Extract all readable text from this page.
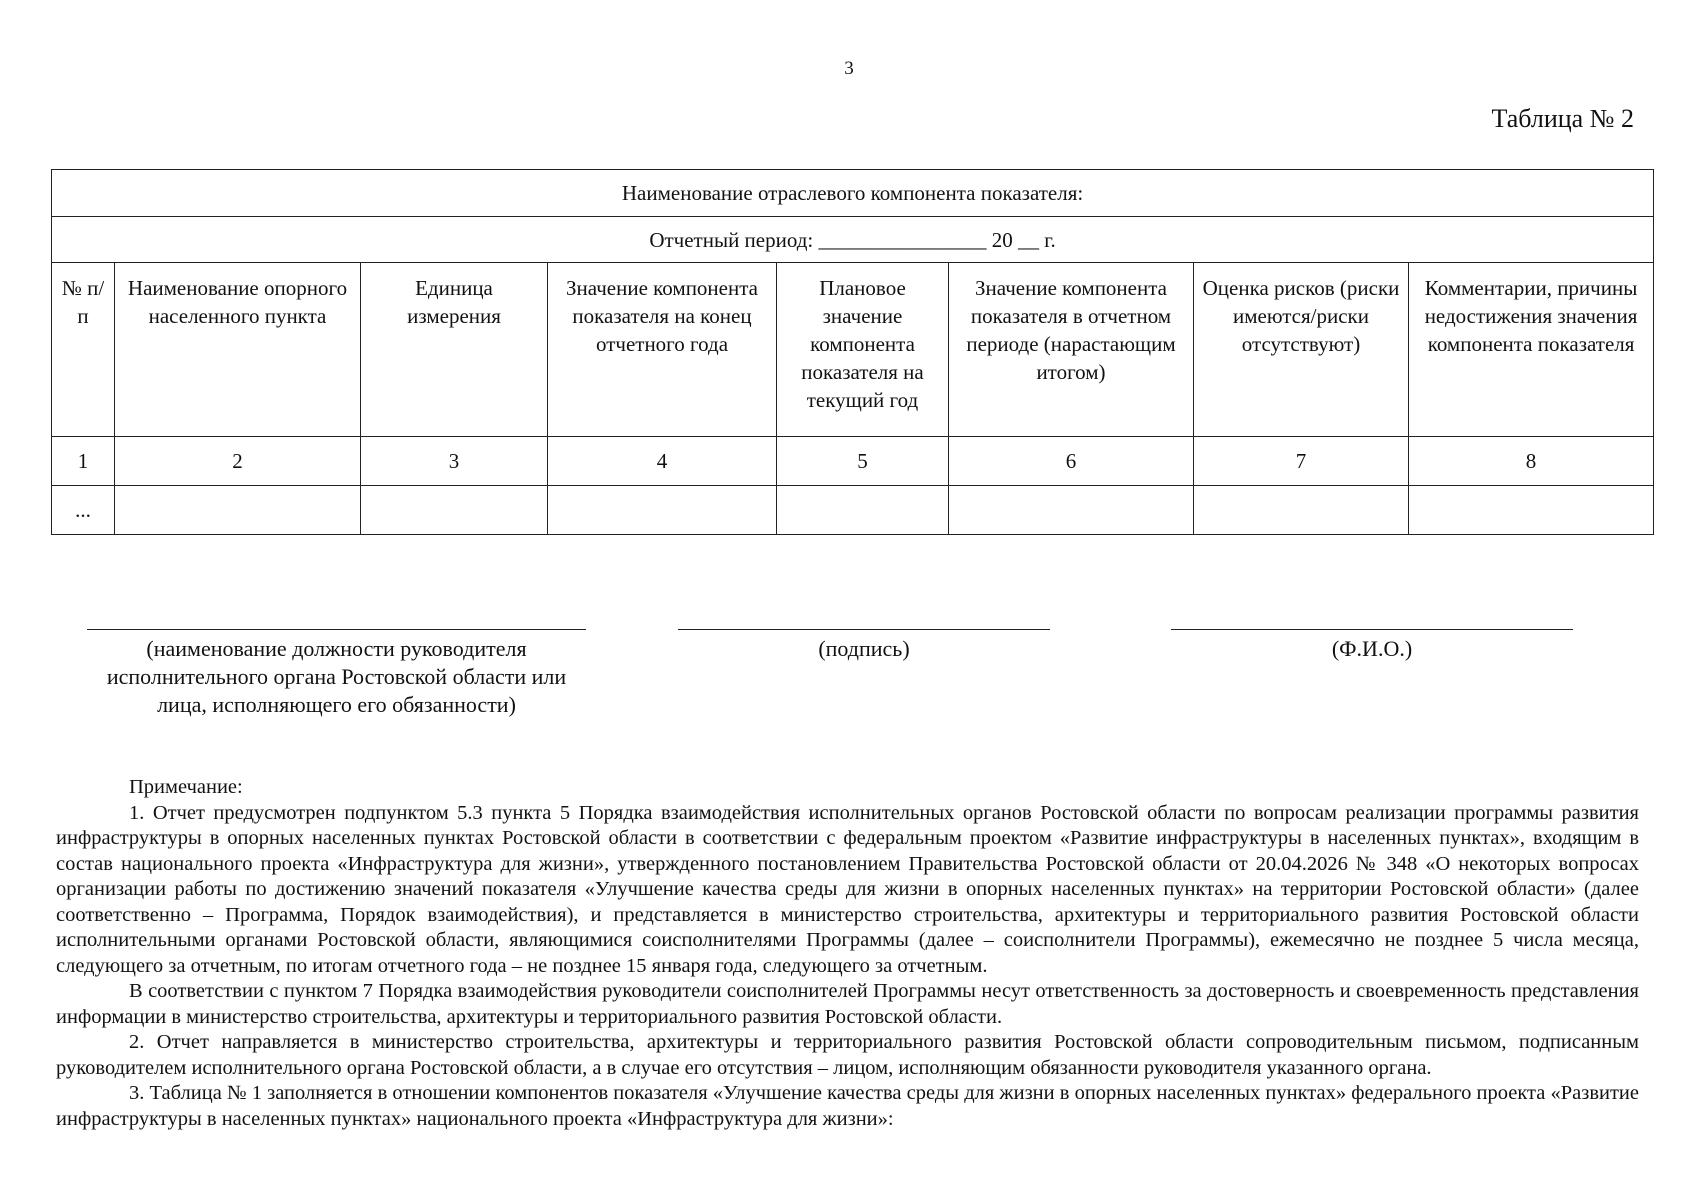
3
Таблица № 2
Наименование отраслевого компонента показателя:							
Отчетный период: ________________ 20 __ г.							
№ п/п	Наименование опорного населенного пункта	Единица измерения	Значение компонента показателя на конец отчетного года	Плановое значение компонента показателя на текущий год	Значение компонента показателя в отчетном периоде (нарастающим итогом)	Оценка рисков (риски имеются/риски отсутствуют)	Комментарии, причины недостижения значения компонента показателя
1	2	3	4	5	6	7	8
...							
(наименование должности руководителя исполнительного органа Ростовской области или лица, исполняющего его обязанности)
(подпись)	(Ф.И.О.)

Примечание:

1. Отчет предусмотрен подпунктом 5.3 пункта 5 Порядка взаимодействия исполнительных органов Ростовской области по вопросам реализации программы развития инфраструктуры в опорных населенных пунктах Ростовской области в соответствии с федеральным проектом «Развитие инфраструктуры в населенных пунктах», входящим в состав национального проекта «Инфраструктура для жизни», утвержденного постановлением Правительства Ростовской области от 20.04.2026 № 348 «О некоторых вопросах организации работы по достижению значений показателя «Улучшение качества среды для жизни в опорных населенных пунктах» на территории Ростовской области» (далее соответственно – Программа, Порядок взаимодействия), и представляется в министерство строительства, архитектуры и территориального развития Ростовской области исполнительными органами Ростовской области, являющимися соисполнителями Программы (далее – соисполнители Программы), ежемесячно не позднее 5 числа месяца, следующего за отчетным, по итогам отчетного года – не позднее 15 января года, следующего за отчетным.

В соответствии с пунктом 7 Порядка взаимодействия руководители соисполнителей Программы несут ответственность за достоверность и своевременность представления информации в министерство строительства, архитектуры и территориального развития Ростовской области.

2. Отчет направляется в министерство строительства, архитектуры и территориального развития Ростовской области сопроводительным письмом, подписанным руководителем исполнительного органа Ростовской области, а в случае его отсутствия – лицом, исполняющим обязанности руководителя указанного органа.

3. Таблица № 1 заполняется в отношении компонентов показателя «Улучшение качества среды для жизни в опорных населенных пунктах» федерального проекта «Развитие инфраструктуры в населенных пунктах» национального проекта «Инфраструктура для жизни»:
